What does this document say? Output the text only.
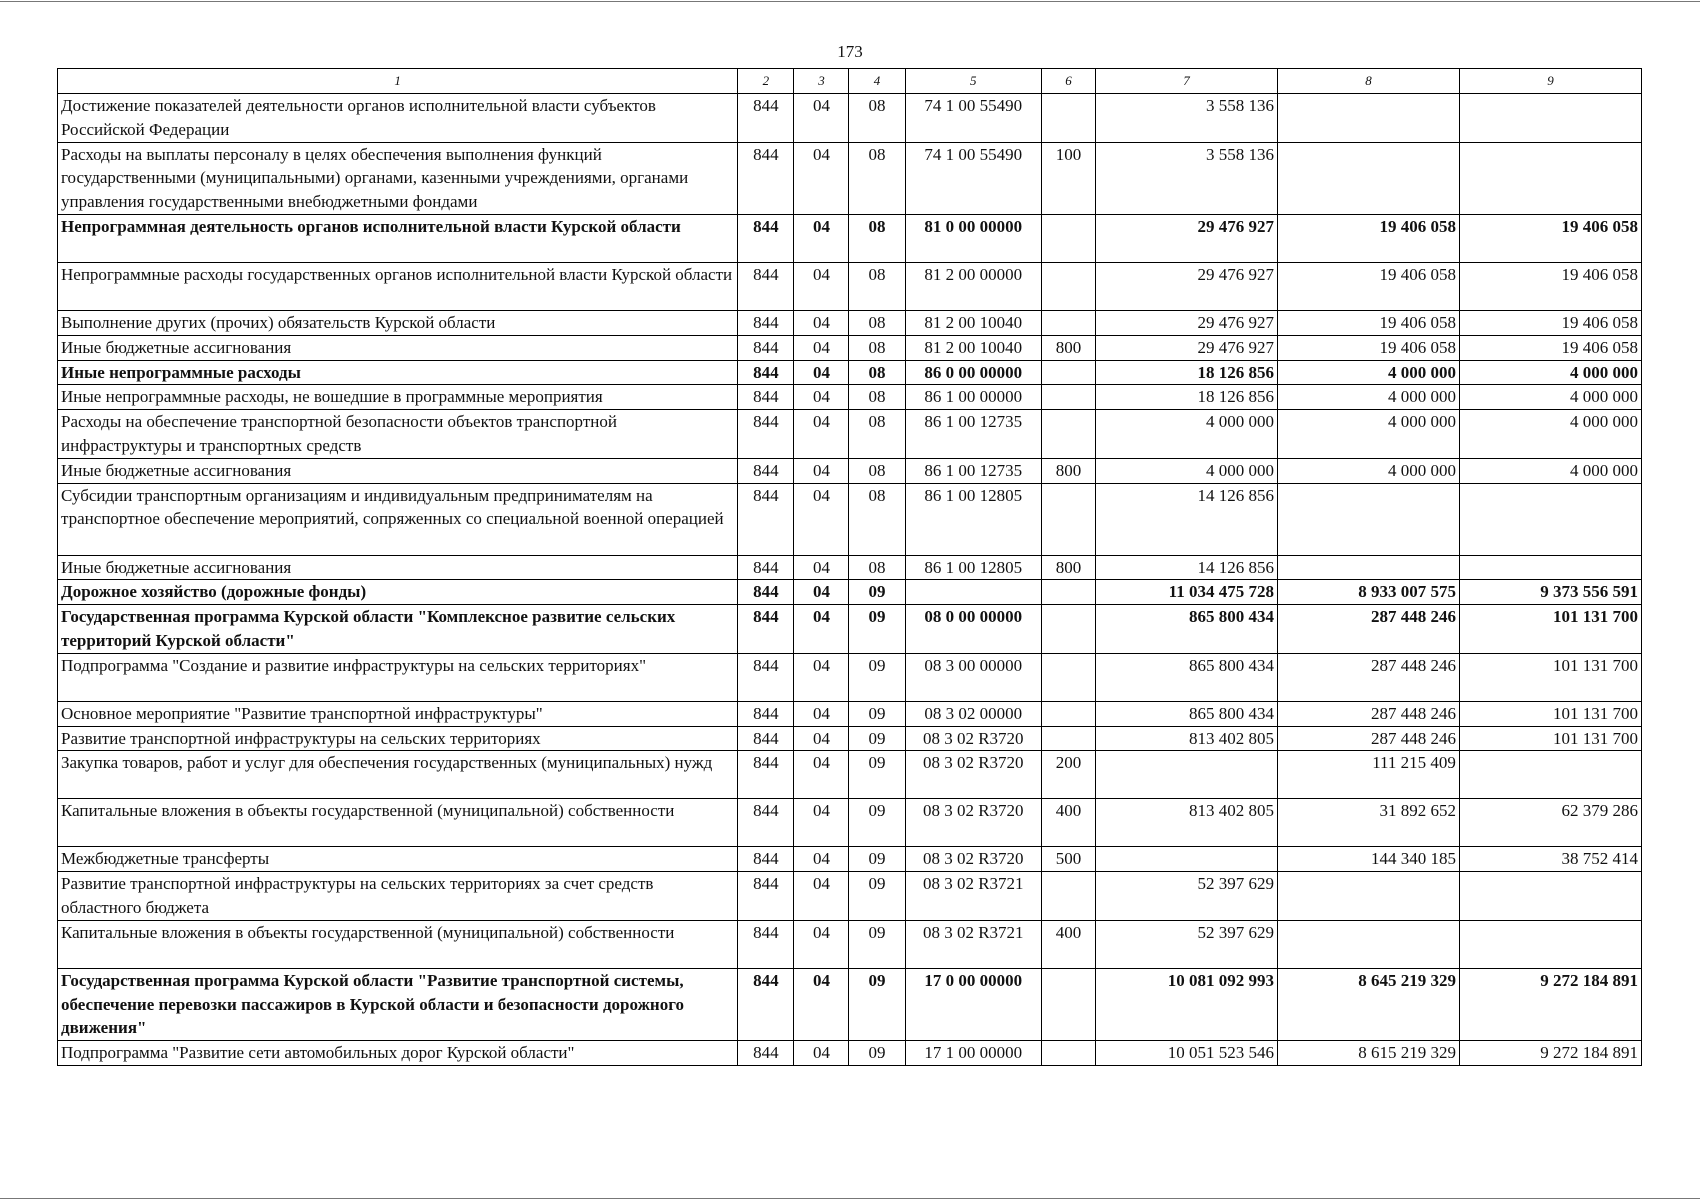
173
1	2	3	4	5	6	7	8	9
Достижение показателей деятельности органов исполнительной власти субъектов Российской Федерации	844	04	08	74 1 00 55490		3 558 136		
Расходы на выплаты персоналу в целях обеспечения выполнения функций государственными (муниципальными) органами, казенными учреждениями, органами управления государственными внебюджетными фондами	844	04	08	74 1 00 55490	100	3 558 136		
Непрограммная деятельность органов исполнительной власти Курской области	844	04	08	81 0 00 00000		29 476 927	19 406 058	19 406 058
Непрограммные расходы государственных органов исполнительной власти Курской области	844	04	08	81 2 00 00000		29 476 927	19 406 058	19 406 058
Выполнение других (прочих) обязательств Курской области	844	04	08	81 2 00 10040		29 476 927	19 406 058	19 406 058
Иные бюджетные ассигнования	844	04	08	81 2 00 10040	800	29 476 927	19 406 058	19 406 058
Иные непрограммные расходы	844	04	08	86 0 00 00000		18 126 856	4 000 000	4 000 000
Иные непрограммные расходы, не вошедшие в программные мероприятия	844	04	08	86 1 00 00000		18 126 856	4 000 000	4 000 000
Расходы на обеспечение транспортной безопасности объектов транспортной инфраструктуры и транспортных средств	844	04	08	86 1 00 12735		4 000 000	4 000 000	4 000 000
Иные бюджетные ассигнования	844	04	08	86 1 00 12735	800	4 000 000	4 000 000	4 000 000
Субсидии транспортным организациям и индивидуальным предпринимателям на транспортное обеспечение мероприятий, сопряженных со специальной военной операцией	844	04	08	86 1 00 12805		14 126 856		
Иные бюджетные ассигнования	844	04	08	86 1 00 12805	800	14 126 856		
Дорожное хозяйство (дорожные фонды)	844	04	09			11 034 475 728	8 933 007 575	9 373 556 591
Государственная программа Курской области "Комплексное развитие сельских территорий Курской области"	844	04	09	08 0 00 00000		865 800 434	287 448 246	101 131 700
Подпрограмма "Создание и развитие инфраструктуры на сельских территориях"	844	04	09	08 3 00 00000		865 800 434	287 448 246	101 131 700
Основное мероприятие "Развитие транспортной инфраструктуры"	844	04	09	08 3 02 00000		865 800 434	287 448 246	101 131 700
Развитие транспортной инфраструктуры на сельских территориях	844	04	09	08 3 02 R3720		813 402 805	287 448 246	101 131 700
Закупка товаров, работ и услуг для обеспечения государственных (муниципальных) нужд	844	04	09	08 3 02 R3720	200		111 215 409	
Капитальные вложения в объекты государственной (муниципальной) собственности	844	04	09	08 3 02 R3720	400	813 402 805	31 892 652	62 379 286
Межбюджетные трансферты	844	04	09	08 3 02 R3720	500		144 340 185	38 752 414
Развитие транспортной инфраструктуры на сельских территориях за счет средств областного бюджета	844	04	09	08 3 02 R3721		52 397 629		
Капитальные вложения в объекты государственной (муниципальной) собственности	844	04	09	08 3 02 R3721	400	52 397 629		
Государственная программа Курской области "Развитие транспортной системы, обеспечение перевозки пассажиров в Курской области и безопасности дорожного движения"	844	04	09	17 0 00 00000		10 081 092 993	8 645 219 329	9 272 184 891
Подпрограмма "Развитие сети автомобильных дорог Курской области"	844	04	09	17 1 00 00000		10 051 523 546	8 615 219 329	9 272 184 891
